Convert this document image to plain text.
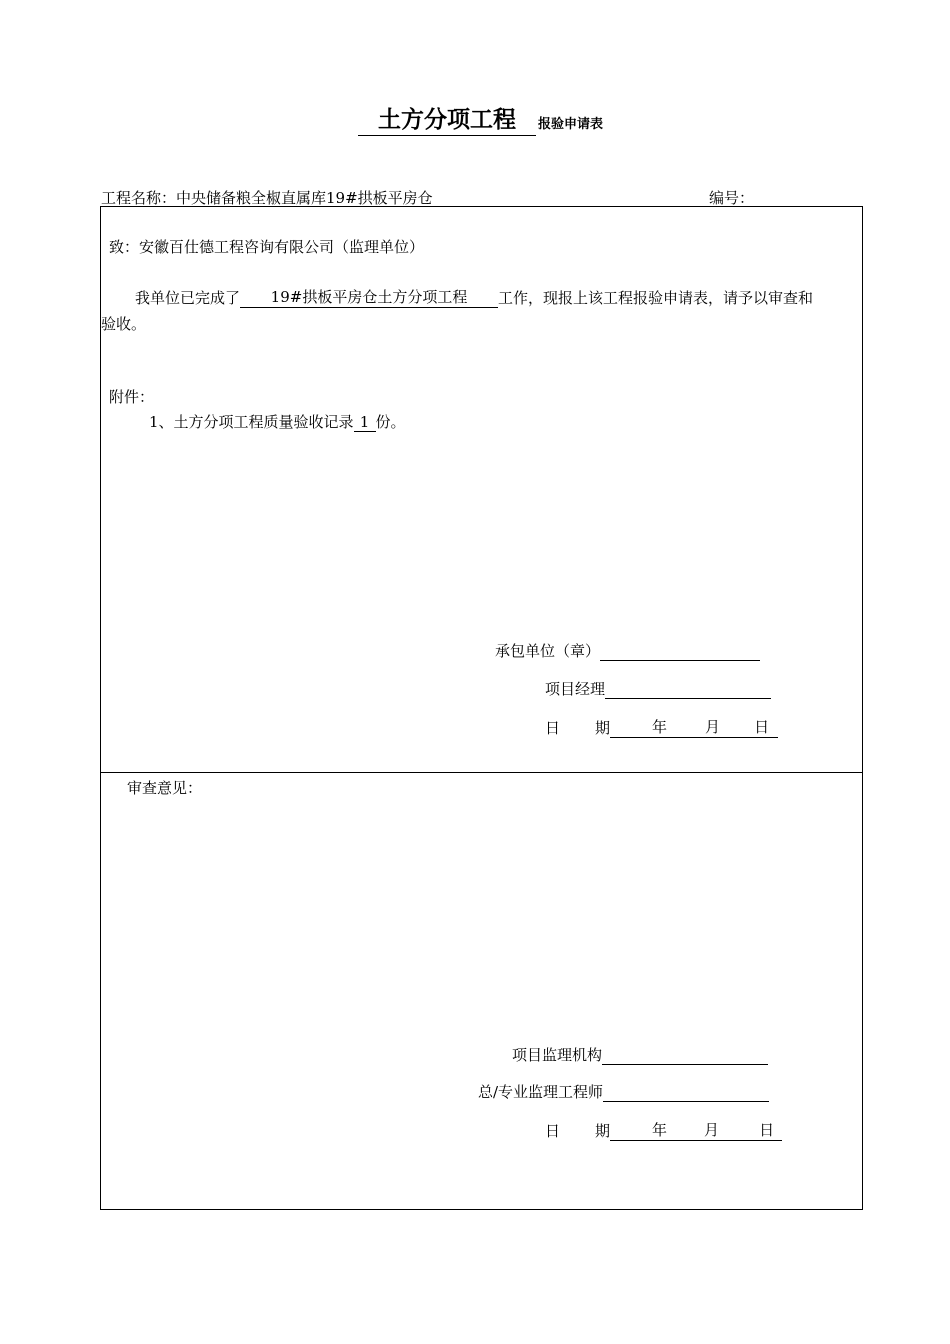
土方分项工程	报验申请表
工程名称：中央储备粮全椒直属库19#拱板平房仓	编号：
致：安徽百仕德工程咨询有限公司（监理单位）
我单位已完成了 19#拱板平房仓土方分项工程 工作，现报上该工程报验申请表，请予以审查和
验收。
附件：
1、土方分项工程质量验收记录 1 份。
承包单位（章）
项目经理
日 期	年	月 日
审查意见：
项目监理机构
总/专业监理工程师
日 期	年 月	日
